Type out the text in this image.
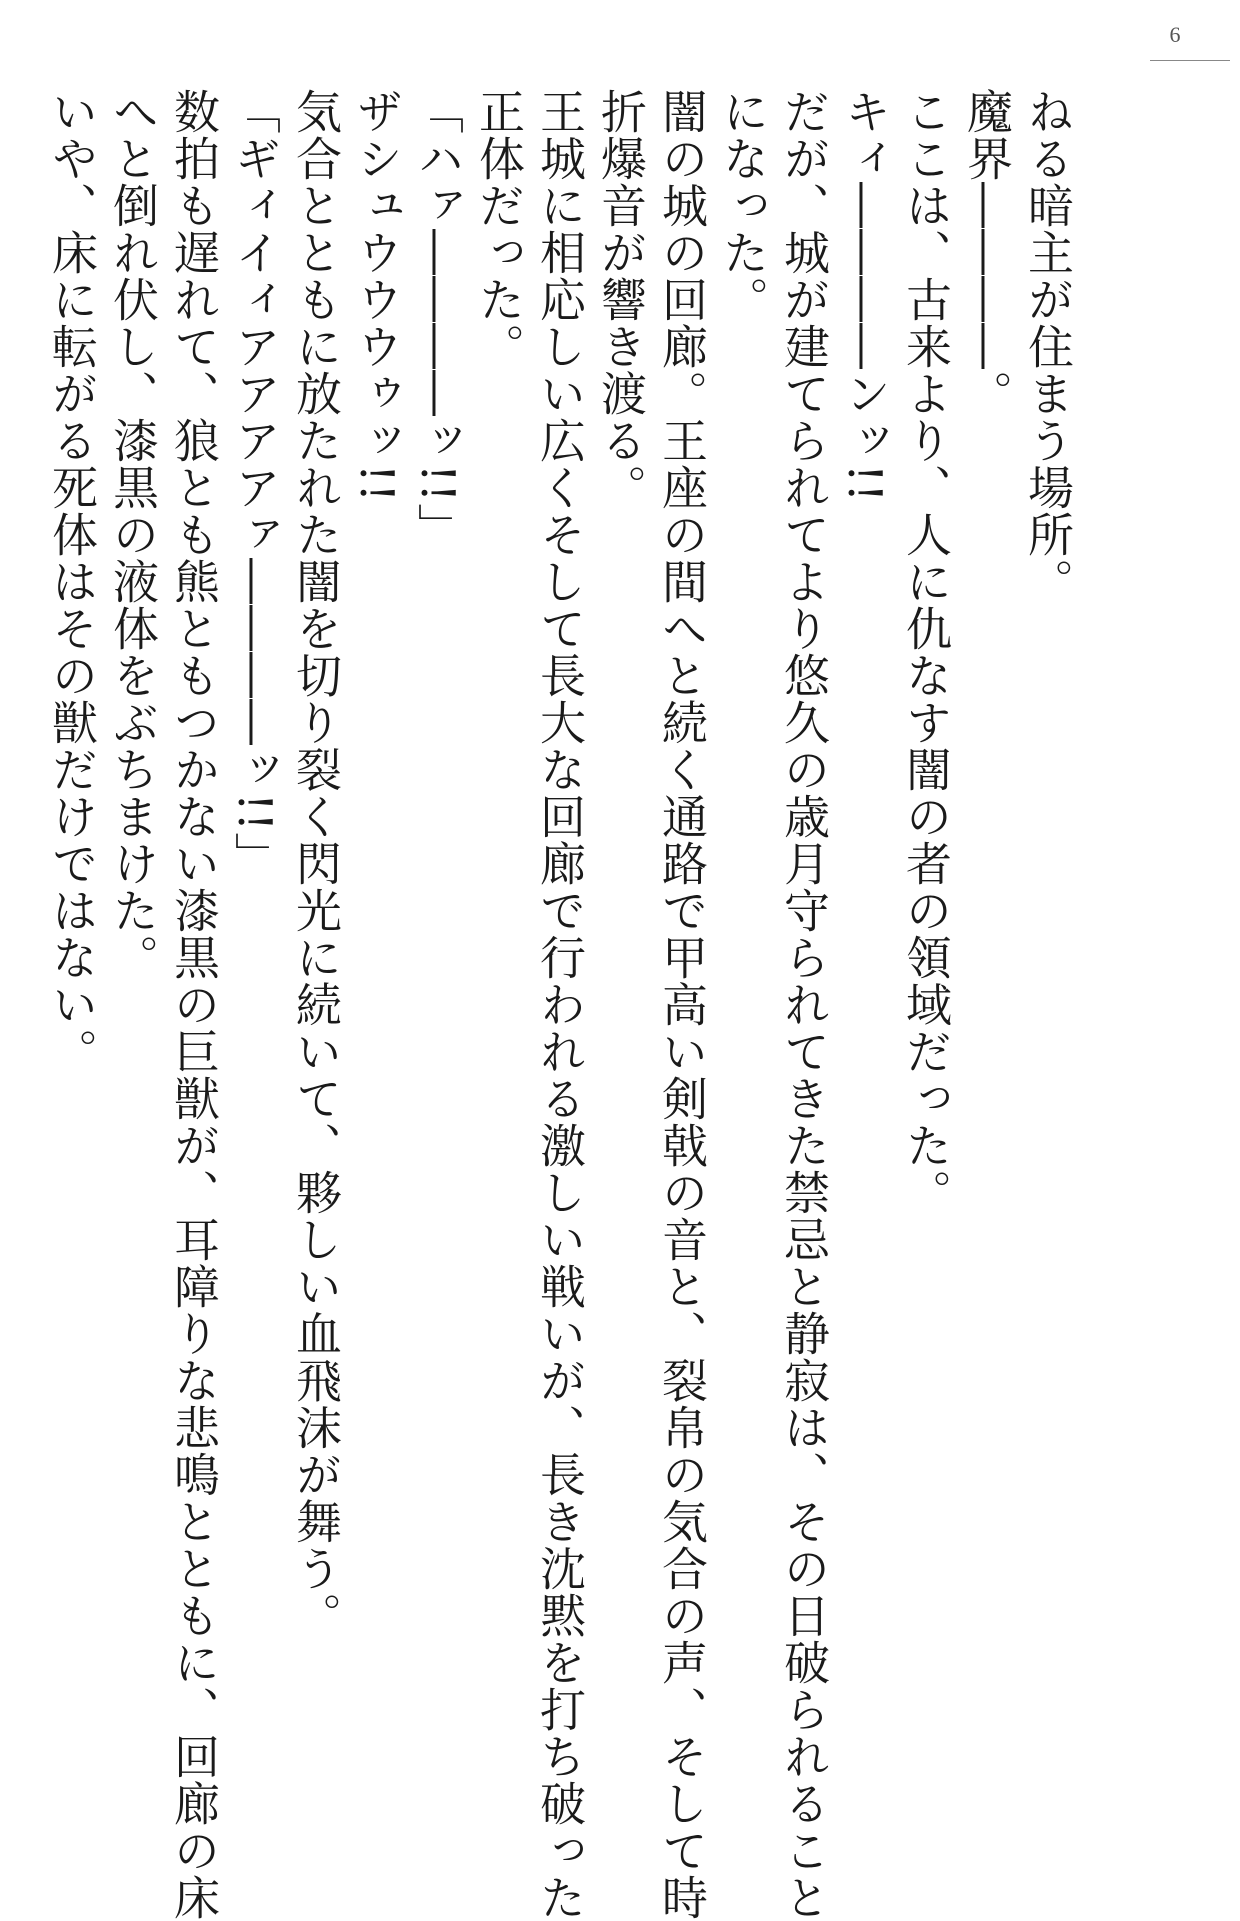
6

ねる暗主が住まう場所。

魔界――――。

ここは、古来より、人に仇なす闇の者の領域だった。

キィ――――ンッ!!

だが、城が建てられてより悠久の歳月守られてきた禁忌と静寂は、その日破られること

になった。

闇の城の回廊。王座の間へと続く通路で甲高い剣戟の音と、裂帛の気合の声、そして時

折爆音が響き渡る。

王城に相応しい広くそして長大な回廊で行われる激しい戦いが、長き沈黙を打ち破った

正体だった。

「ハァ――――ッ!!」

ザシュウウウゥッ!!

気合とともに放たれた闇を切り裂く閃光に続いて、夥しい血飛沫が舞う。

「ギィイィアアアアァ――――ッ!!」

数拍も遅れて、狼とも熊ともつかない漆黒の巨獣が、耳障りな悲鳴とともに、回廊の床

へと倒れ伏し、漆黒の液体をぶちまけた。

いや、床に転がる死体はその獣だけではない。
